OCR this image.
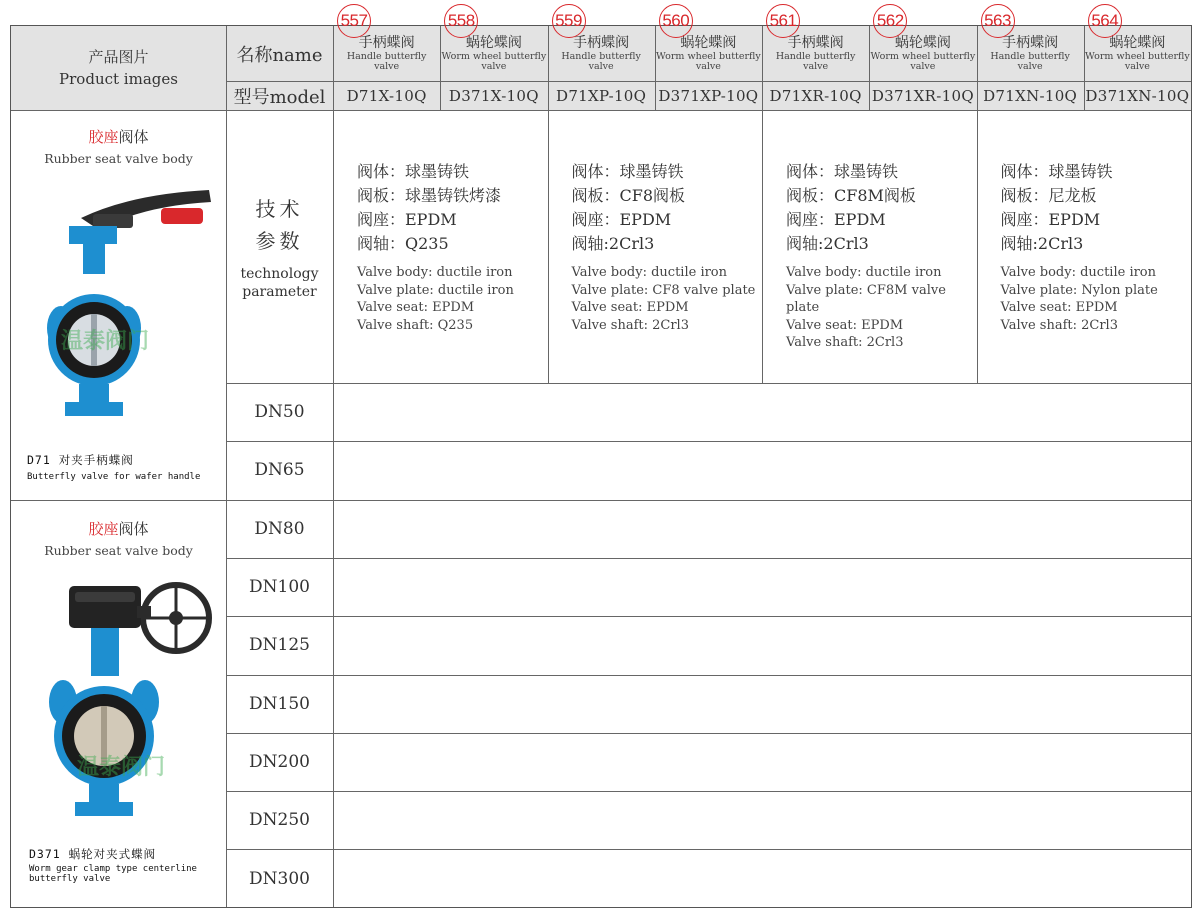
产品图片
Product images
名称name
型号model
手柄蝶阀
Handle butterfly
valve
557
D71X-10Q
蜗轮蝶阀
Worm wheel butterfly
valve
558
D371X-10Q
手柄蝶阀
Handle butterfly
valve
559
D71XP-10Q
蜗轮蝶阀
Worm wheel butterfly
valve
560
D371XP-10Q
手柄蝶阀
Handle butterfly
valve
561
D71XR-10Q
蜗轮蝶阀
Worm wheel butterfly
valve
562
D371XR-10Q
手柄蝶阀
Handle butterfly
valve
563
D71XN-10Q
蜗轮蝶阀
Worm wheel butterfly
valve
564
D371XN-10Q
技术
参数
technology
parameter
阀体：球墨铸铁
阀板：球墨铸铁烤漆
阀座：EPDM
阀轴：Q235
Valve body: ductile iron
Valve plate: ductile iron
Valve seat: EPDM
Valve shaft: Q235
阀体：球墨铸铁
阀板：CF8阀板
阀座：EPDM
阀轴:2Crl3
Valve body: ductile iron
Valve plate: CF8 valve plate
Valve seat: EPDM
Valve shaft: 2Crl3
阀体：球墨铸铁
阀板：CF8M阀板
阀座：EPDM
阀轴:2Crl3
Valve body: ductile iron
Valve plate: CF8M valve plate
Valve seat: EPDM
Valve shaft: 2Crl3
阀体：球墨铸铁
阀板：尼龙板
阀座：EPDM
阀轴:2Crl3
Valve body: ductile iron
Valve plate: Nylon plate
Valve seat: EPDM
Valve shaft: 2Crl3
DN50
DN65
DN80
DN100
DN125
DN150
DN200
DN250
DN300
胶座 阀体
Rubber seat valve body
温泰阀门
D71 对夹手柄蝶阀
Butterfly valve for wafer handle
胶座 阀体
Rubber seat valve body
温泰阀门
D371 蜗轮对夹式蝶阀
Worm gear clamp type centerline
butterfly valve
